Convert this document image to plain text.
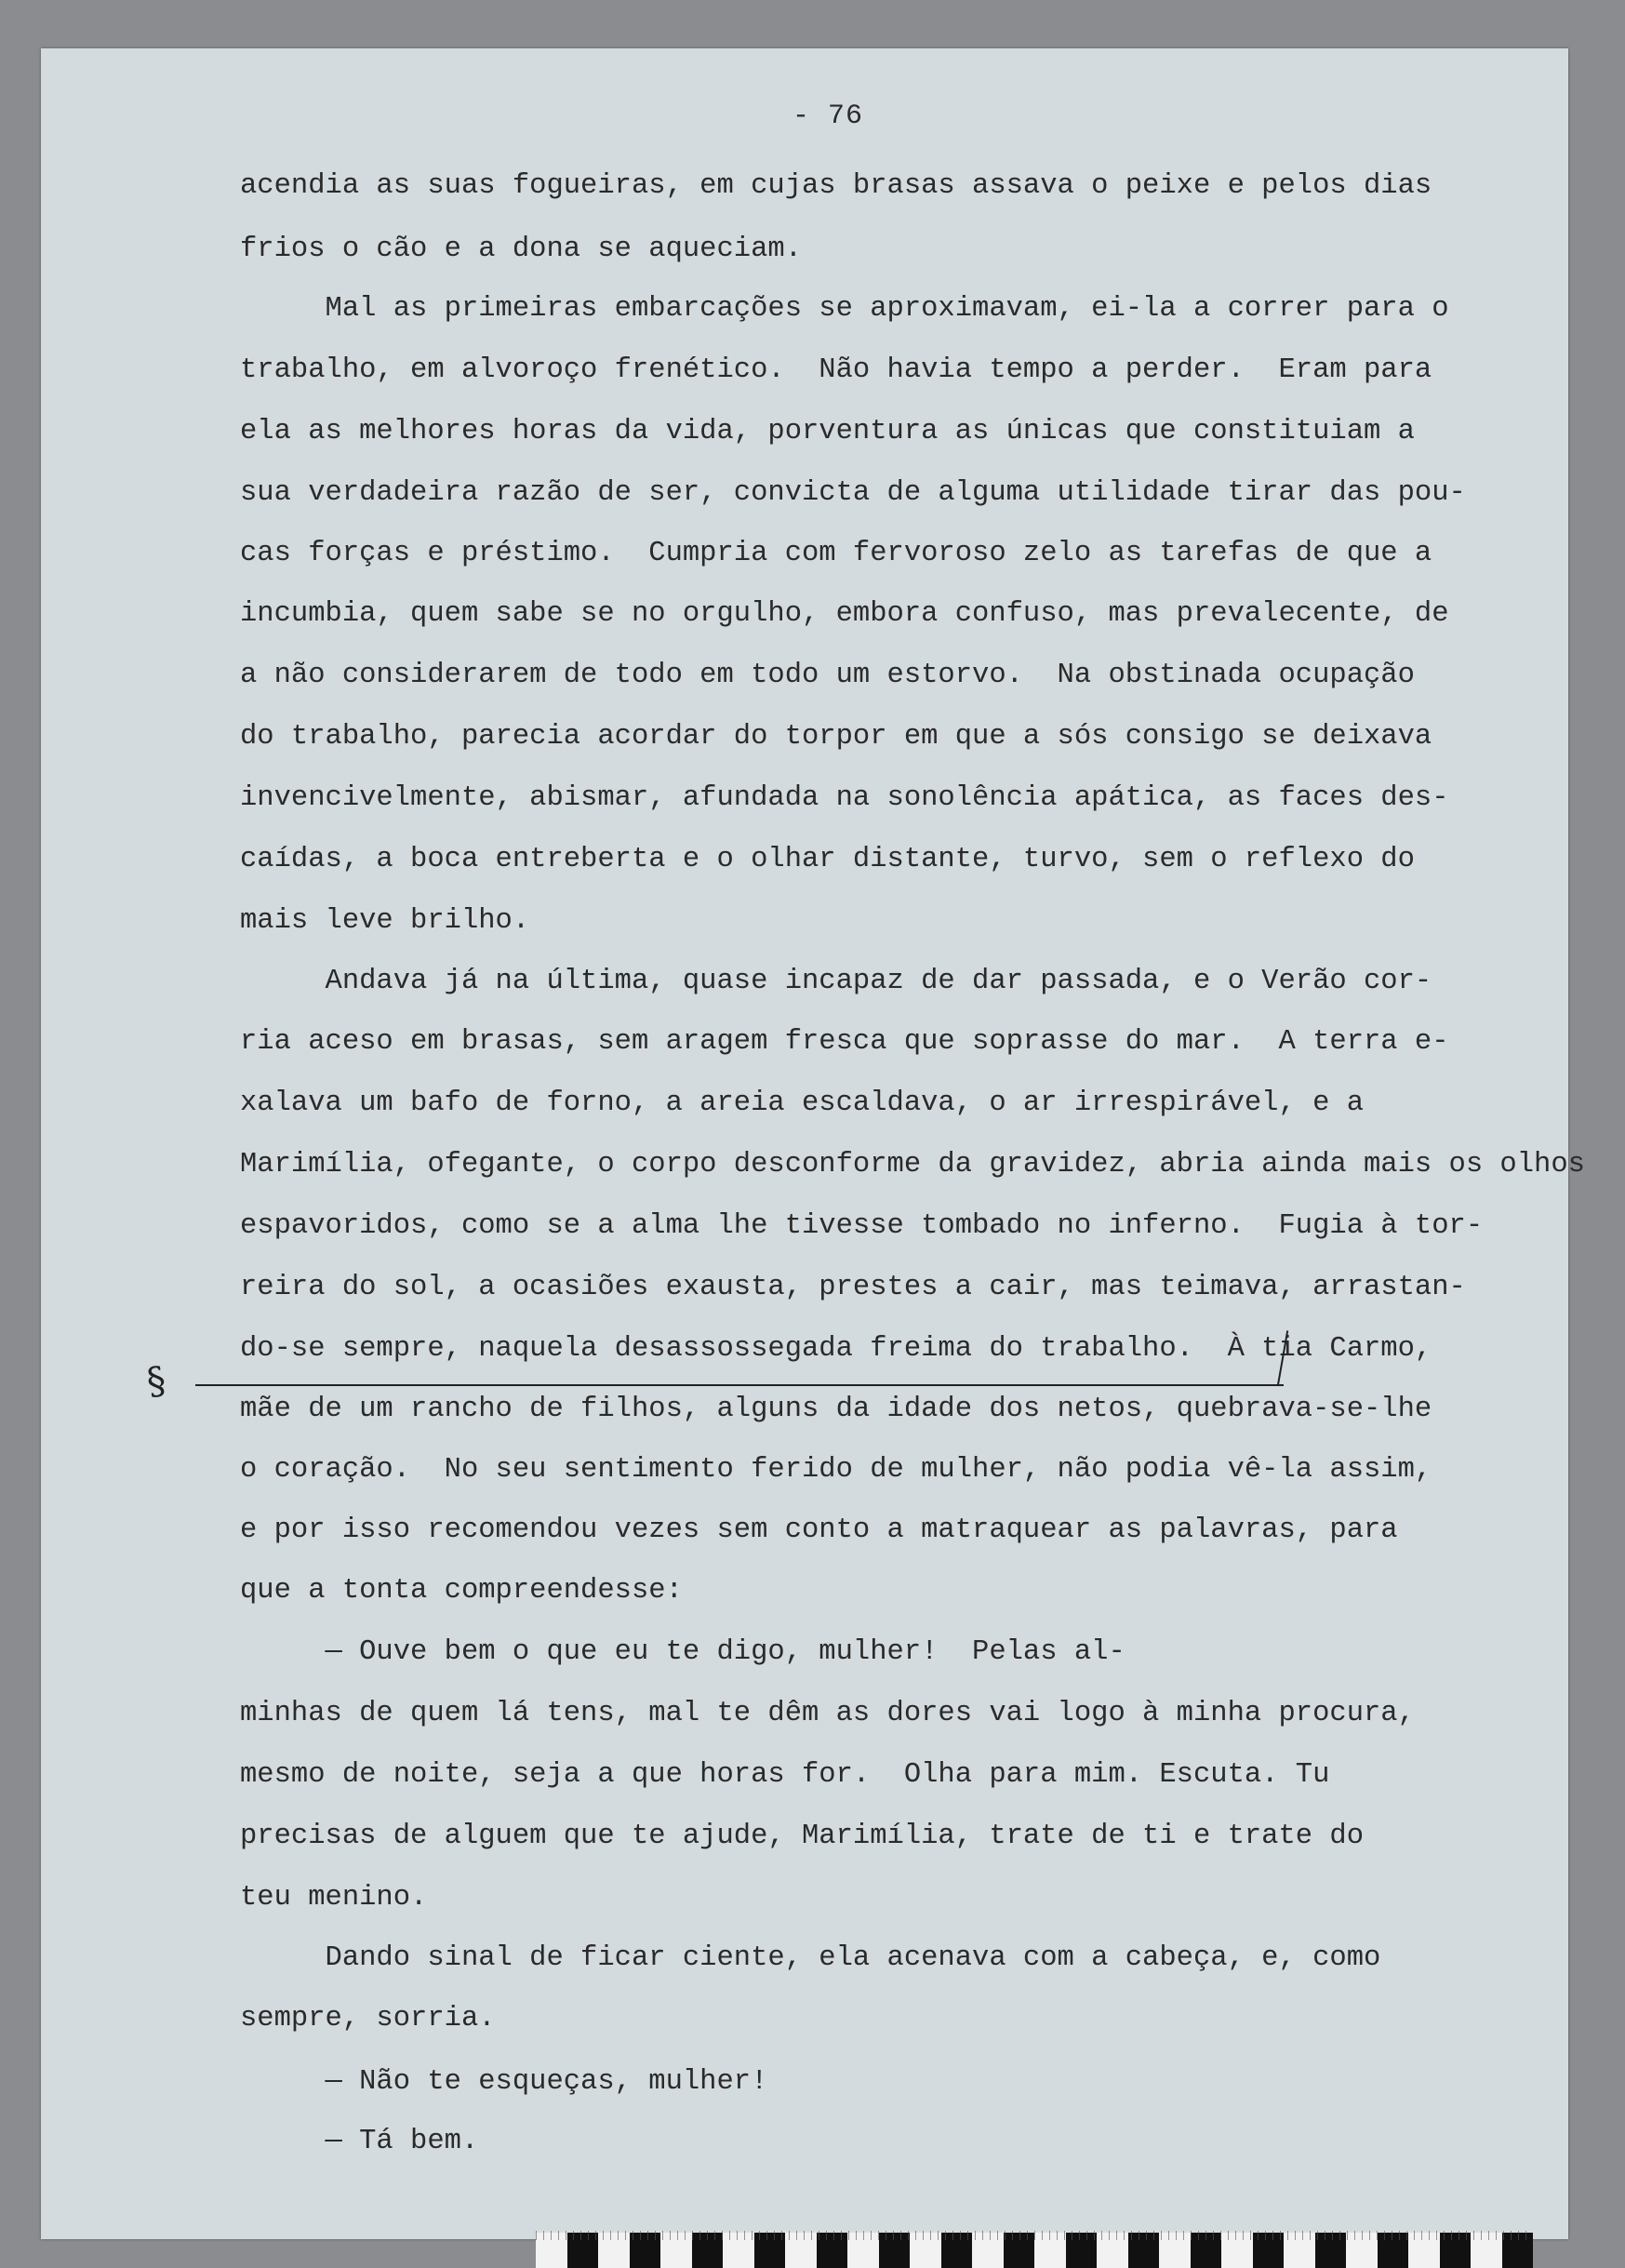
- 76
acendia as suas fogueiras, em cujas brasas assava o peixe e pelos dias
frios o cão e a dona se aqueciam.
Mal as primeiras embarcações se aproximavam, ei-la a correr para o
trabalho, em alvoroço frenético.  Não havia tempo a perder.  Eram para
ela as melhores horas da vida, porventura as únicas que constituiam a
sua verdadeira razão de ser, convicta de alguma utilidade tirar das pou-
cas forças e préstimo.  Cumpria com fervoroso zelo as tarefas de que a
incumbia, quem sabe se no orgulho, embora confuso, mas prevalecente, de
a não considerarem de todo em todo um estorvo.  Na obstinada ocupação
do trabalho, parecia acordar do torpor em que a sós consigo se deixava
invencivelmente, abismar, afundada na sonolência apática, as faces des-
caídas, a boca entreberta e o olhar distante, turvo, sem o reflexo do
mais leve brilho.
Andava já na última, quase incapaz de dar passada, e o Verão cor-
ria aceso em brasas, sem aragem fresca que soprasse do mar.  A terra e-
xalava um bafo de forno, a areia escaldava, o ar irrespirável, e a
Marimília, ofegante, o corpo desconforme da gravidez, abria ainda mais os olhos
espavoridos, como se a alma lhe tivesse tombado no inferno.  Fugia à tor-
reira do sol, a ocasiões exausta, prestes a cair, mas teimava, arrastan-
do-se sempre, naquela desassossegada freima do trabalho.  À tia Carmo,
mãe de um rancho de filhos, alguns da idade dos netos, quebrava-se-lhe
o coração.  No seu sentimento ferido de mulher, não podia vê-la assim,
e por isso recomendou vezes sem conto a matraquear as palavras, para
que a tonta compreendesse:
— Ouve bem o que eu te digo, mulher!  Pelas al-
minhas de quem lá tens, mal te dêm as dores vai logo à minha procura,
mesmo de noite, seja a que horas for.  Olha para mim. Escuta. Tu
precisas de alguem que te ajude, Marimília, trate de ti e trate do
teu menino.
Dando sinal de ficar ciente, ela acenava com a cabeça, e, como
sempre, sorria.
— Não te esqueças, mulher!
— Tá bem.
§
